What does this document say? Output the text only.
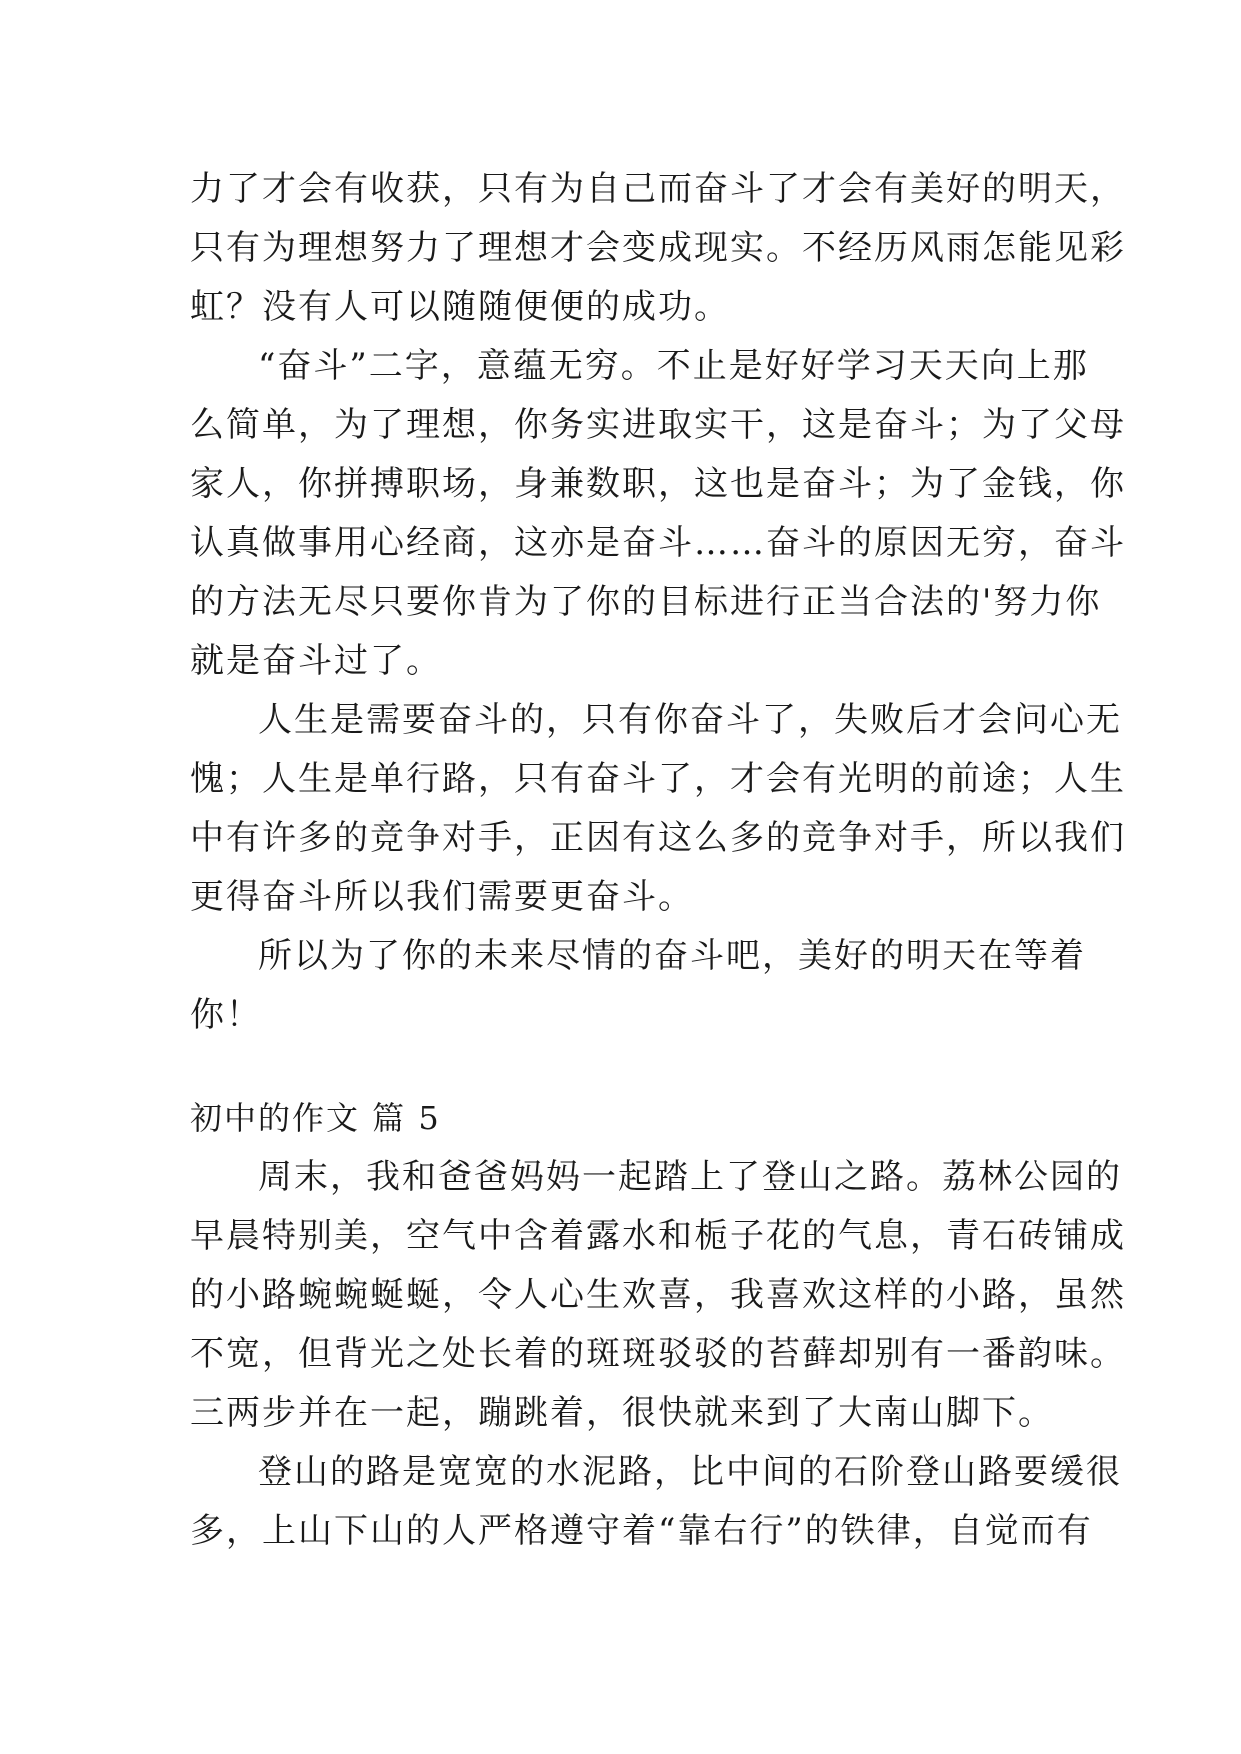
力了才会有收获，只有为自己而奋斗了才会有美好的明天，
只有为理想努力了理想才会变成现实。不经历风雨怎能见彩
虹？没有人可以随随便便的成功。

“奋斗”二字，意蕴无穷。不止是好好学习天天向上那
么简单，为了理想，你务实进取实干，这是奋斗；为了父母
家人，你拼搏职场，身兼数职，这也是奋斗；为了金钱，你
认真做事用心经商，这亦是奋斗……奋斗的原因无穷，奋斗
的方法无尽只要你肯为了你的目标进行正当合法的'努力你
就是奋斗过了。

人生是需要奋斗的，只有你奋斗了，失败后才会问心无
愧；人生是单行路，只有奋斗了，才会有光明的前途；人生
中有许多的竞争对手，正因有这么多的竞争对手，所以我们
更得奋斗所以我们需要更奋斗。

所以为了你的未来尽情的奋斗吧，美好的明天在等着
你！

初中的作文 篇 5

周末，我和爸爸妈妈一起踏上了登山之路。荔林公园的
早晨特别美，空气中含着露水和栀子花的气息，青石砖铺成
的小路蜿蜿蜒蜒，令人心生欢喜，我喜欢这样的小路，虽然
不宽，但背光之处长着的斑斑驳驳的苔藓却别有一番韵味。
三两步并在一起，蹦跳着，很快就来到了大南山脚下。

登山的路是宽宽的水泥路，比中间的石阶登山路要缓很
多，上山下山的人严格遵守着“靠右行”的铁律，自觉而有
